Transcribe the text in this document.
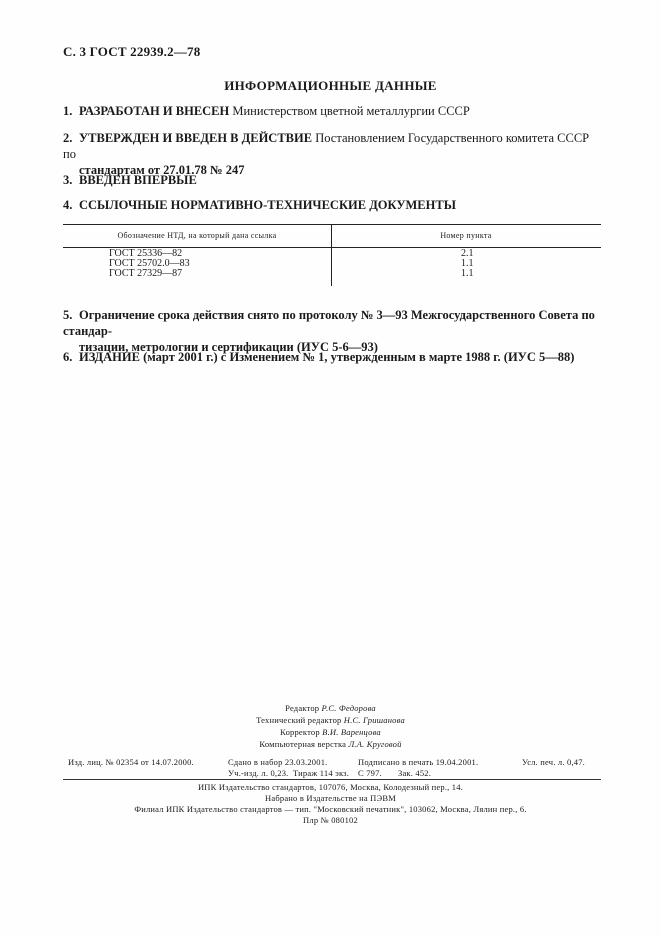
С. 3 ГОСТ 22939.2—78
ИНФОРМАЦИОННЫЕ ДАННЫЕ
1. РАЗРАБОТАН И ВНЕСЕН Министерством цветной металлургии СССР
2. УТВЕРЖДЕН И ВВЕДЕН В ДЕЙСТВИЕ Постановлением Государственного комитета СССР по
стандартам от 27.01.78 № 247
3. ВВЕДЕН ВПЕРВЫЕ
4. ССЫЛОЧНЫЕ НОРМАТИВНО-ТЕХНИЧЕСКИЕ ДОКУМЕНТЫ
Обозначение НТД, на который дана ссылка	Номер пункта
ГОСТ 25336—82	2.1
ГОСТ 25702.0—83	1.1
ГОСТ 27329—87	1.1
5. Ограничение срока действия снято по протоколу № 3—93 Межгосударственного Совета по стандар-
тизации, метрологии и сертификации (ИУС 5-6—93)
6. ИЗДАНИЕ (март 2001 г.) с Изменением № 1, утвержденным в марте 1988 г. (ИУС 5—88)
Редактор Р.С. Федорова
Технический редактор Н.С. Гришанова
Корректор В.И. Варенцова
Компьютерная верстка Л.А. Круговой
Изд. лиц. № 02354 от 14.07.2000.	Сдано в набор 23.03.2001.	Подписано в печать 19.04.2001.	Усл. печ. л. 0,47.
Уч.-изд. л. 0,23. Тираж 114 экз. С 797. Зак. 452.
ИПК Издательство стандартов, 107076, Москва, Колодезный пер., 14.
Набрано в Издательстве на ПЭВМ
Филиал ИПК Издательство стандартов — тип. "Московский печатник", 103062, Москва, Лялин пер., 6.
Плр № 080102
